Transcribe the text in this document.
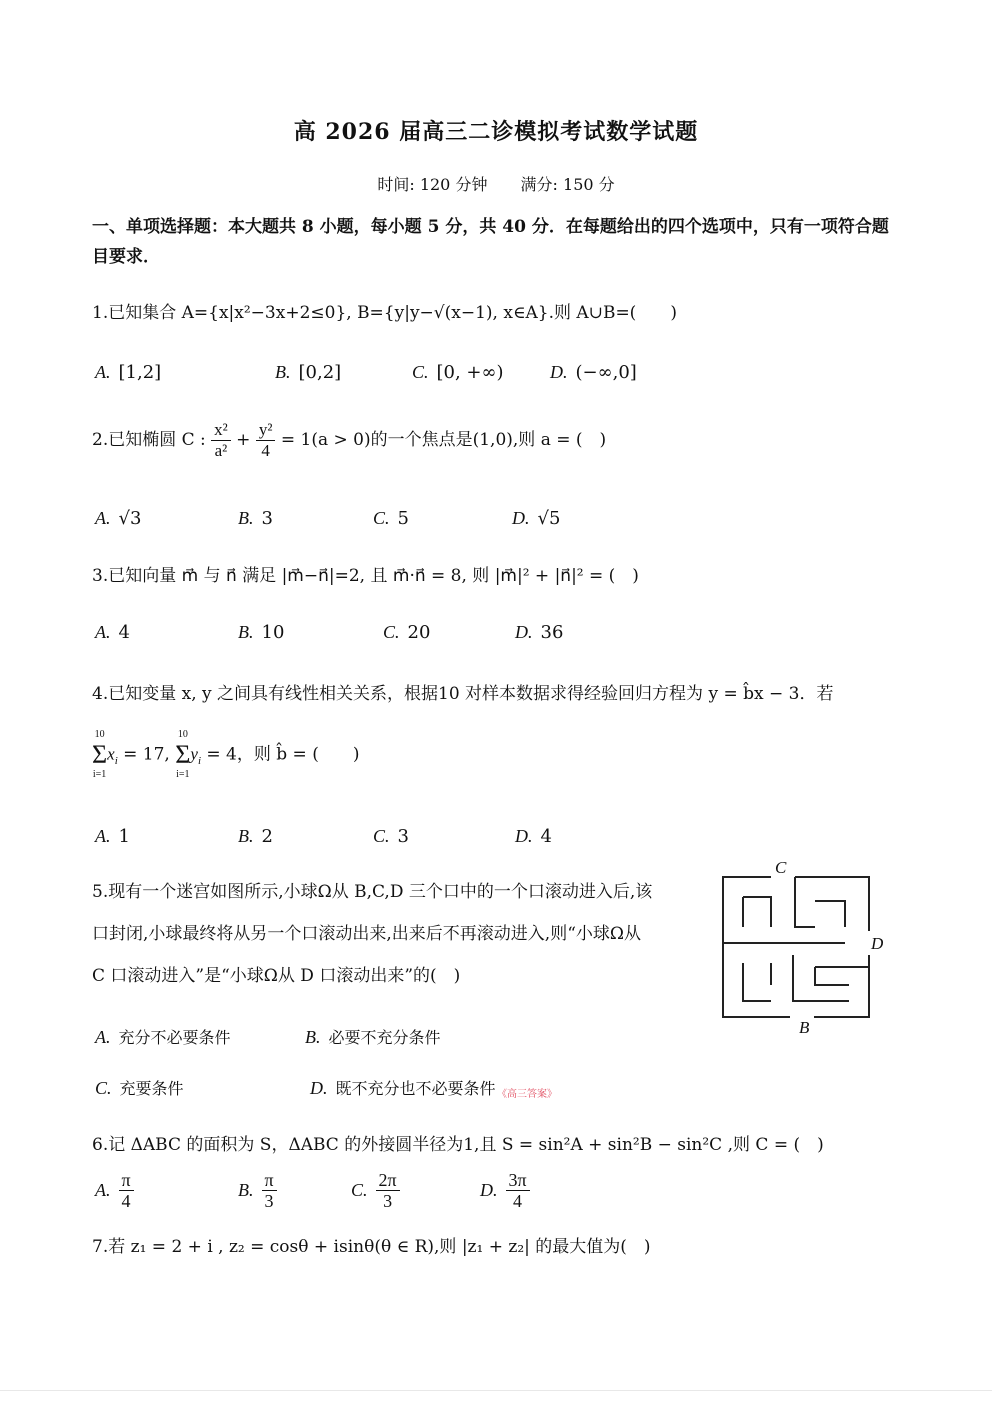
高 2026 届高三二诊模拟考试数学试题
时间: 120 分钟 满分: 150 分
一、单项选择题：本大题共 8 小题，每小题 5 分，共 40 分．在每题给出的四个选项中，只有一项符合题目要求．
1.已知集合 A={x|x²−3x+2≤0}, B={y|y−√(x−1), x∈A}.则 A∪B=(　　)
A. [1,2]	B. [0,2]	C. [0, +∞)	D. (−∞,0]
2.已知椭圆 C : $\frac{\text{x²}}{\text{a²}} + \frac{\text{y²}}{4} = 1(a > 0)$的一个焦点是(1,0),则 a = (　)
A. √3	B. 3	C. 5	D. √5
3.已知向量 m⃗ 与 n⃗ 满足 |m⃗−n⃗|=2, 且 m⃗·n⃗ = 8, 则 |m⃗|² + |n⃗|² = (　)
A. 4	B. 10	C. 20	D. 36
4.已知变量 x, y 之间具有线性相关关系，根据10 对样本数据求得经验回归方程为 y = b̂x − 3．若
10
Σ
i=1
$x_i = 17$,
10
Σ
i=1
$y_i = 4$，则 b̂ = (　　)
A. 1	B. 2	C. 3	D. 4
5.现有一个迷宫如图所示,小球Ω从 B,C,D 三个口中的一个口滚动进入后,该
口封闭,小球最终将从另一个口滚动出来,出来后不再滚动进入,则“小球Ω从
C 口滚动进入”是“小球Ω从 D 口滚动出来”的(　)
C
D
B
A. 充分不必要条件	B. 必要不充分条件
C. 充要条件	D. 既不充分也不必要条件 《高三答案》
6.记 ΔABC 的面积为 S，ΔABC 的外接圆半径为1,且 S = sin²A + sin²B − sin²C ,则 C = (　)
A. $\frac{\pi}{4}$	B. $\frac{\pi}{3}$	C. $\frac{2\pi}{3}$	D. $\frac{3\pi}{4}$
7.若 z₁ = 2 + i , z₂ = cosθ + isinθ(θ ∈ R),则 |z₁ + z₂| 的最大值为(　)
